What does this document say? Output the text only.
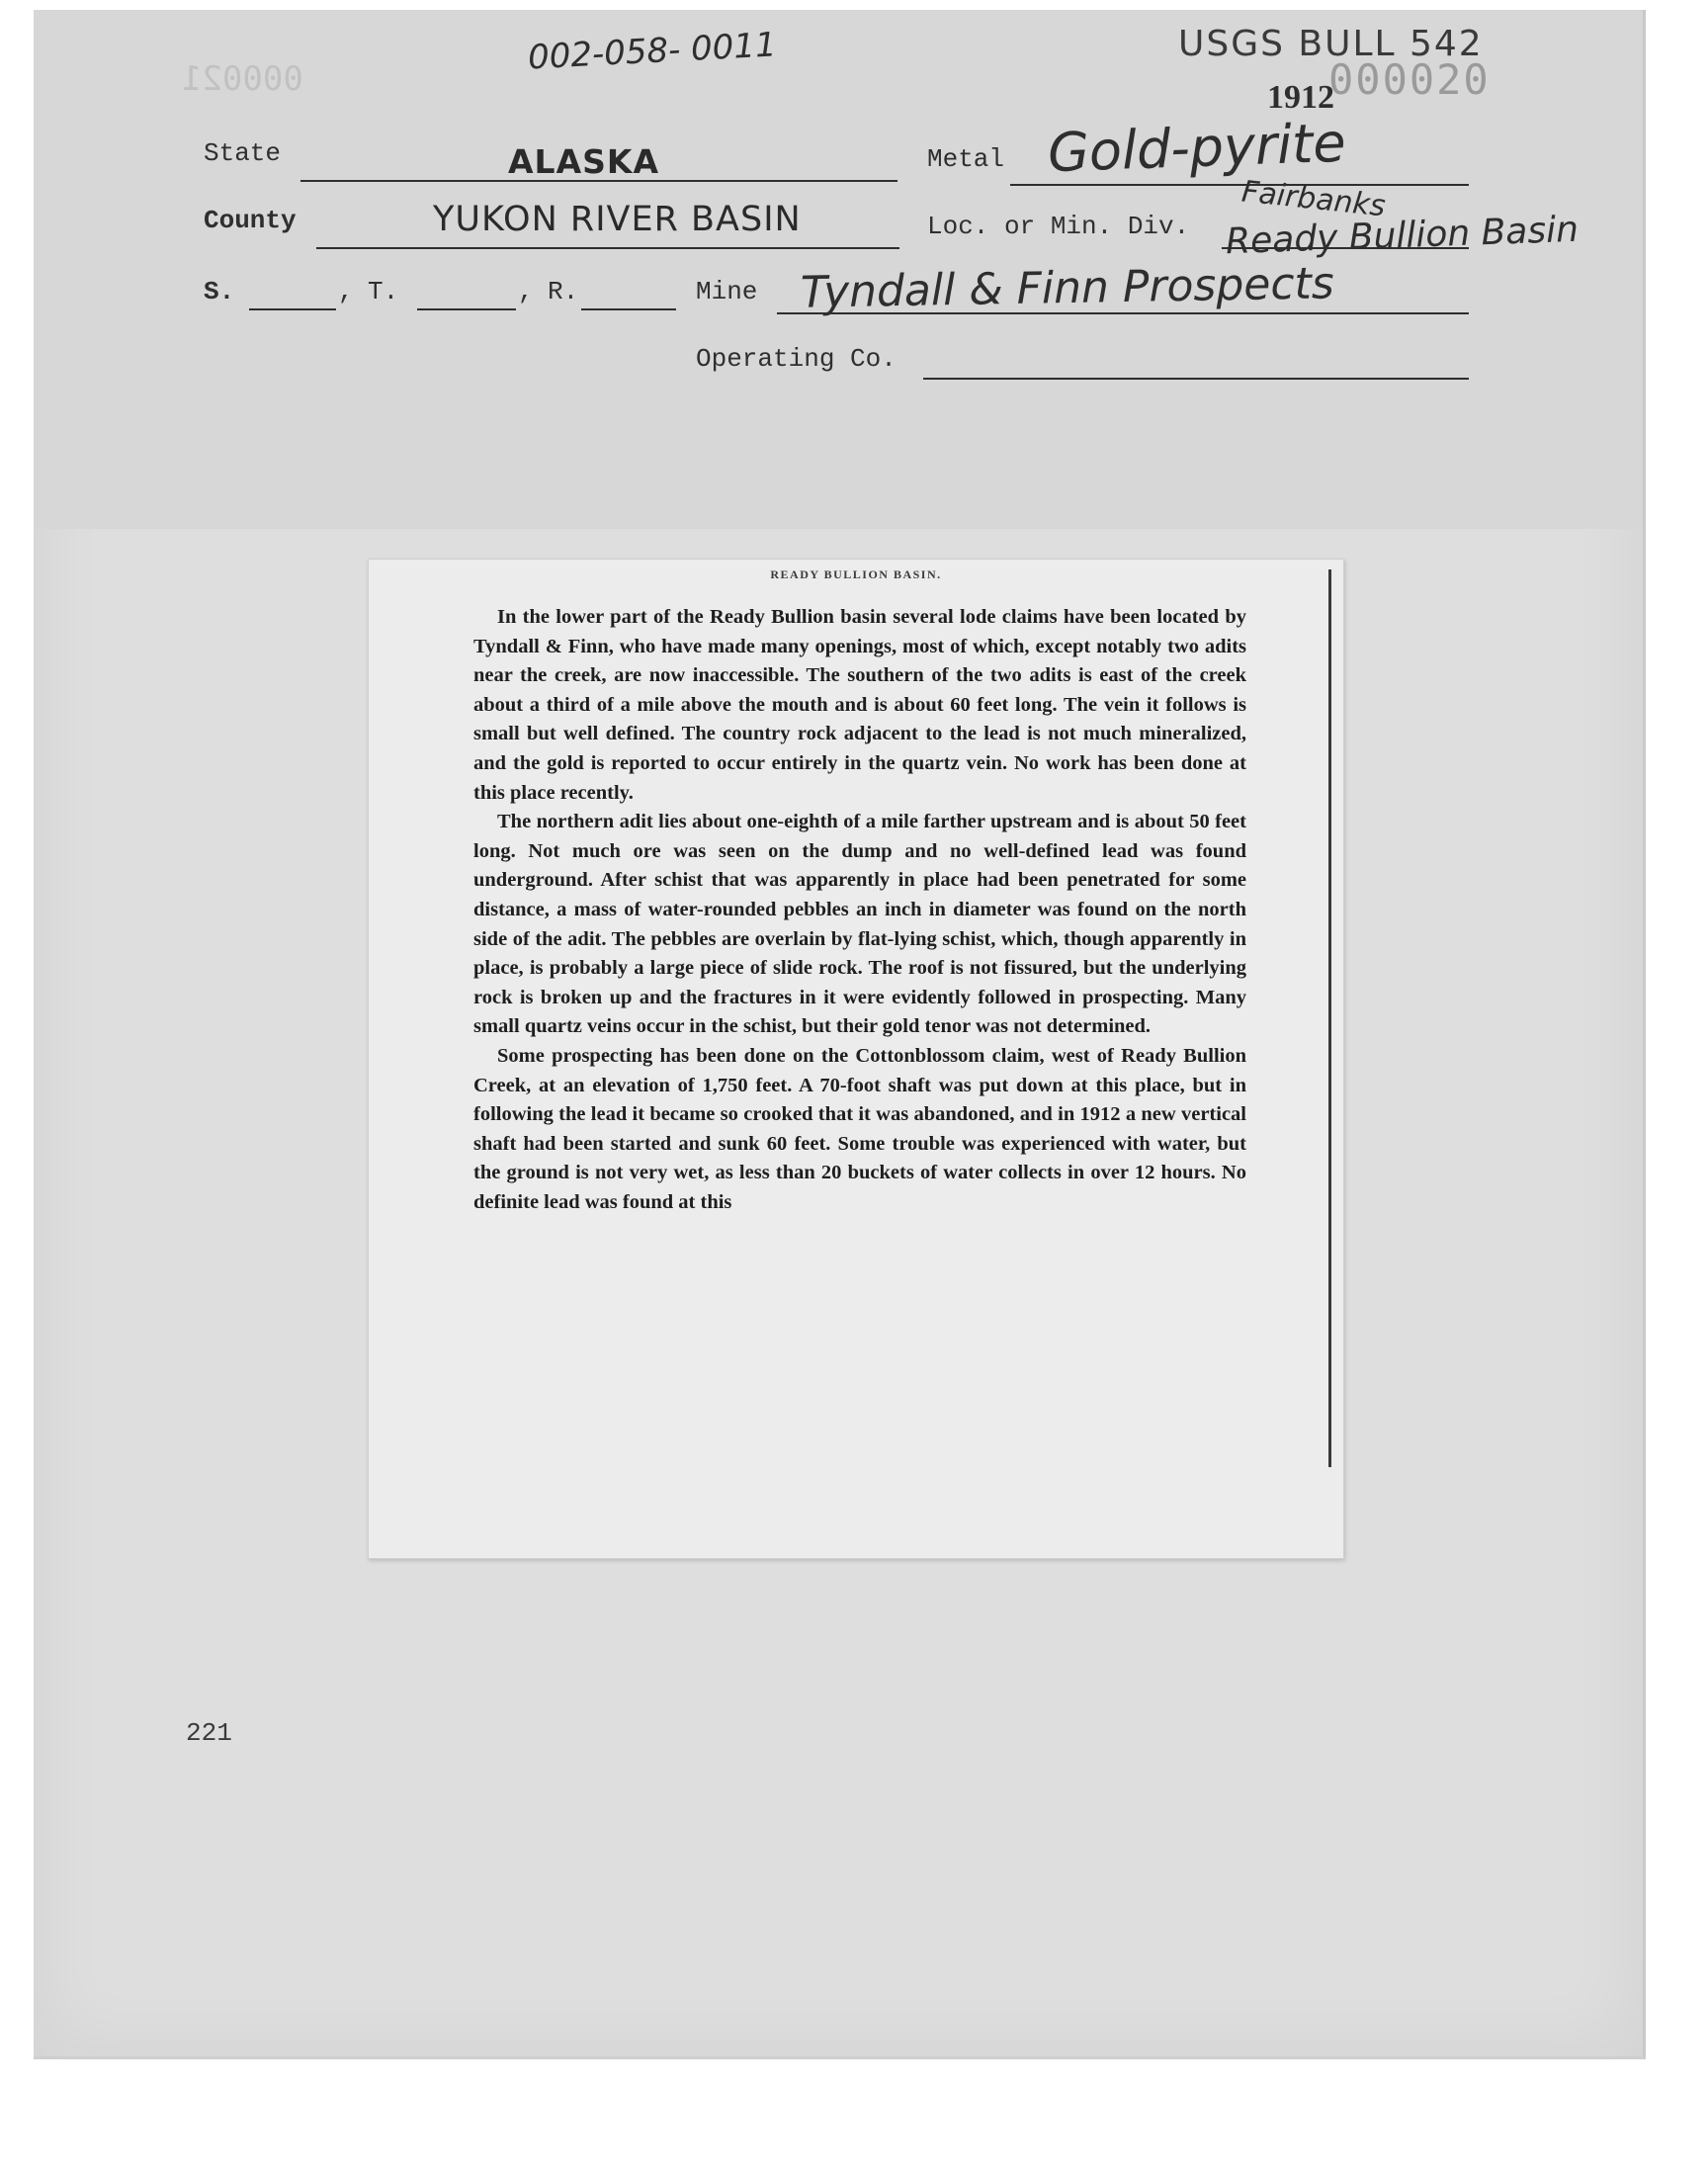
000021
002-058- 0011	USGS BULL 542
1912
000020
State	ALASKA	Metal Gold-pyrite
County	YUKON RIVER BASIN	Loc. or Min. Div.
Fairbanks
Ready Bullion Basin
S.	, T.	, R.	Mine Tyndall & Finn Prospects
Operating Co.
221
READY BULLION BASIN.

In the lower part of the Ready Bullion basin several lode claims have been located by Tyndall & Finn, who have made many openings, most of which, except notably two adits near the creek, are now inaccessible. The southern of the two adits is east of the creek about a third of a mile above the mouth and is about 60 feet long. The vein it follows is small but well defined. The country rock adjacent to the lead is not much mineralized, and the gold is reported to occur entirely in the quartz vein. No work has been done at this place recently.

The northern adit lies about one-eighth of a mile farther upstream and is about 50 feet long. Not much ore was seen on the dump and no well-defined lead was found underground. After schist that was apparently in place had been penetrated for some distance, a mass of water-rounded pebbles an inch in diameter was found on the north side of the adit. The pebbles are overlain by flat-lying schist, which, though apparently in place, is probably a large piece of slide rock. The roof is not fissured, but the underlying rock is broken up and the fractures in it were evidently followed in prospecting. Many small quartz veins occur in the schist, but their gold tenor was not determined.

Some prospecting has been done on the Cottonblossom claim, west of Ready Bullion Creek, at an elevation of 1,750 feet. A 70-foot shaft was put down at this place, but in following the lead it became so crooked that it was abandoned, and in 1912 a new vertical shaft had been started and sunk 60 feet. Some trouble was experienced with water, but the ground is not very wet, as less than 20 buckets of water collects in over 12 hours. No definite lead was found at this
